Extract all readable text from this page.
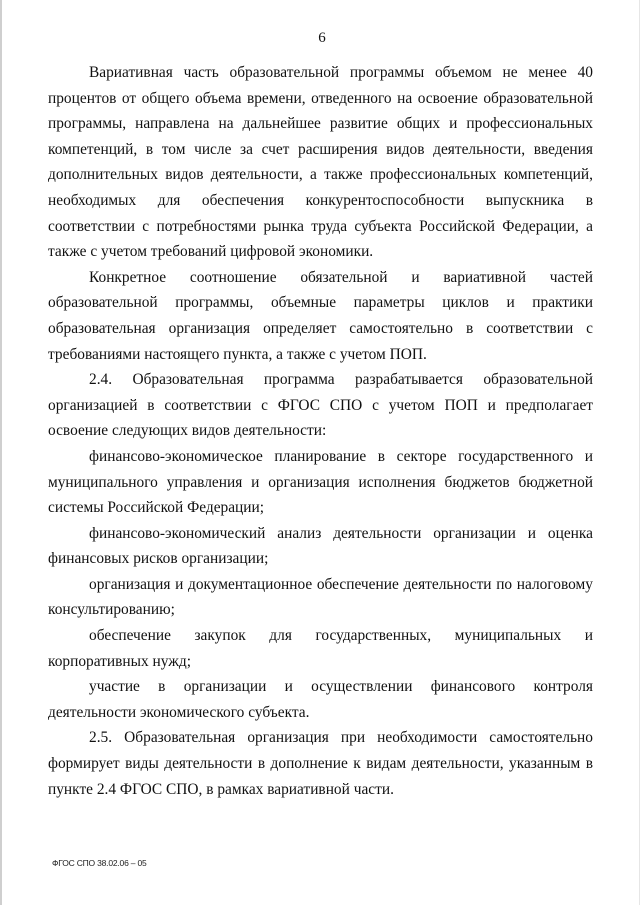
6

Вариативная часть образовательной программы объемом не менее 40 процентов от общего объема времени, отведенного на освоение образовательной программы, направлена на дальнейшее развитие общих и профессиональных компетенций, в том числе за счет расширения видов деятельности, введения дополнительных видов деятельности, а также профессиональных компетенций, необходимых для обеспечения конкурентоспособности выпускника в соответствии с потребностями рынка труда субъекта Российской Федерации, а также с учетом требований цифровой экономики.

Конкретное соотношение обязательной и вариативной частей образовательной программы, объемные параметры циклов и практики образовательная организация определяет самостоятельно в соответствии с требованиями настоящего пункта, а также с учетом ПОП.

2.4. Образовательная программа разрабатывается образовательной организацией в соответствии с ФГОС СПО с учетом ПОП и предполагает освоение следующих видов деятельности:

финансово-экономическое планирование в секторе государственного и муниципального управления и организация исполнения бюджетов бюджетной системы Российской Федерации;

финансово-экономический анализ деятельности организации и оценка финансовых рисков организации;

организация и документационное обеспечение деятельности по налоговому консультированию;

обеспечение закупок для государственных, муниципальных и корпоративных нужд;

участие в организации и осуществлении финансового контроля деятельности экономического субъекта.

2.5. Образовательная организация при необходимости самостоятельно формирует виды деятельности в дополнение к видам деятельности, указанным в пункте 2.4 ФГОС СПО, в рамках вариативной части.

ФГОС СПО 38.02.06 – 05
